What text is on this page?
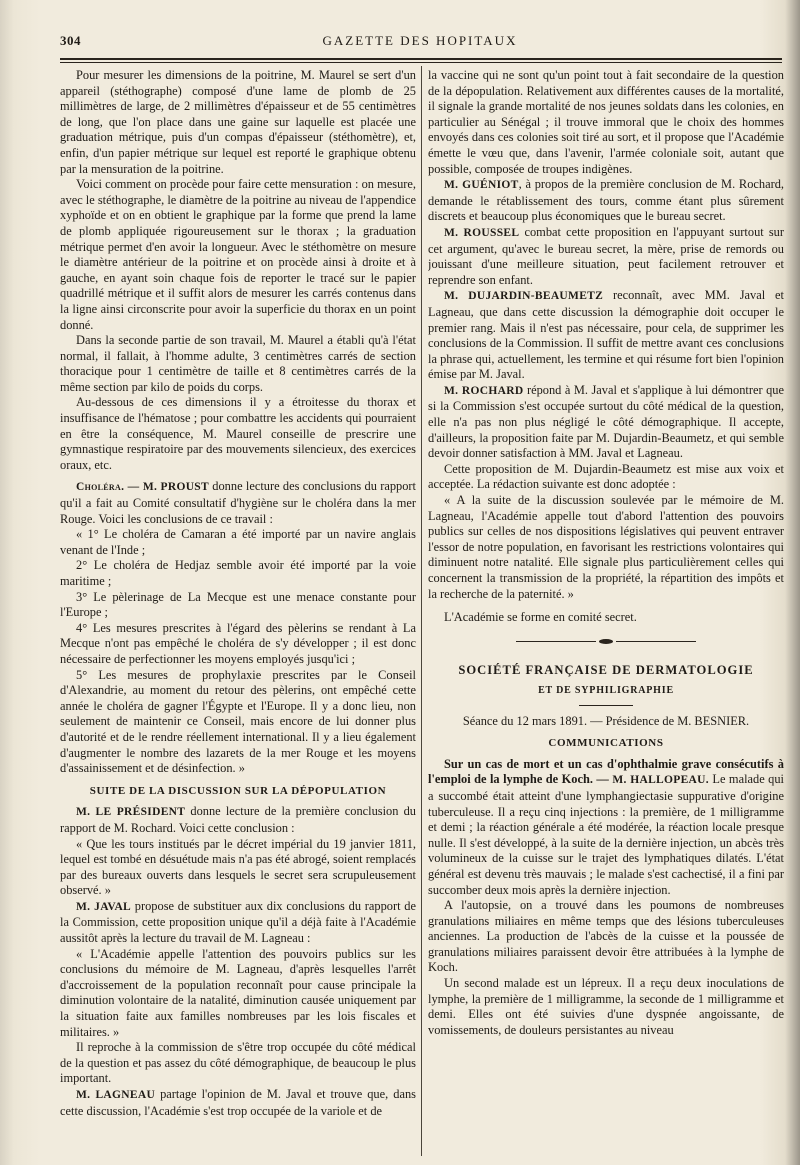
304	GAZETTE DES HOPITAUX

Pour mesurer les dimensions de la poitrine, M. Maurel se sert d'un appareil (stéthographe) composé d'une lame de plomb de 25 millimètres de large, de 2 millimètres d'épaisseur et de 55 centimètres de long, que l'on place dans une gaine sur laquelle est placée une graduation métrique, puis d'un compas d'épaisseur (stéthomètre), et, enfin, d'un papier métrique sur lequel est reporté le graphique obtenu par la mensuration de la poitrine.

Voici comment on procède pour faire cette mensuration : on mesure, avec le stéthographe, le diamètre de la poitrine au niveau de l'appendice xyphoïde et on en obtient le graphique par la forme que prend la lame de plomb appliquée rigoureusement sur le thorax ; la graduation métrique permet d'en avoir la longueur. Avec le stéthomètre on mesure le diamètre antérieur de la poitrine et on procède ainsi à droite et à gauche, en ayant soin chaque fois de reporter le tracé sur le papier quadrillé métrique et il suffit alors de mesurer les carrés contenus dans la ligne ainsi circonscrite pour avoir la superficie du thorax en un point donné.

Dans la seconde partie de son travail, M. Maurel a établi qu'à l'état normal, il fallait, à l'homme adulte, 3 centimètres carrés de section thoracique pour 1 centimètre de taille et 8 centimètres carrés de la même section par kilo de poids du corps.

Au-dessous de ces dimensions il y a étroitesse du thorax et insuffisance de l'hématose ; pour combattre les accidents qui pourraient en être la conséquence, M. Maurel conseille de prescrire une gymnastique respiratoire par des mouvements silencieux, des exercices oraux, etc.

Choléra. — M. PROUST donne lecture des conclusions du rapport qu'il a fait au Comité consultatif d'hygiène sur le choléra dans la mer Rouge. Voici les conclusions de ce travail :

« 1° Le choléra de Camaran a été importé par un navire anglais venant de l'Inde ;

2° Le choléra de Hedjaz semble avoir été importé par la voie maritime ;

3° Le pèlerinage de La Mecque est une menace constante pour l'Europe ;

4° Les mesures prescrites à l'égard des pèlerins se rendant à La Mecque n'ont pas empêché le choléra de s'y développer ; il est donc nécessaire de perfectionner les moyens employés jusqu'ici ;

5° Les mesures de prophylaxie prescrites par le Conseil d'Alexandrie, au moment du retour des pèlerins, ont empêché cette année le choléra de gagner l'Égypte et l'Europe. Il y a donc lieu, non seulement de maintenir ce Conseil, mais encore de lui donner plus d'autorité et de le rendre réellement international. Il y a lieu également d'augmenter le nombre des lazarets de la mer Rouge et les moyens d'assainissement et de désinfection. »

SUITE DE LA DISCUSSION SUR LA DÉPOPULATION

M. LE PRÉSIDENT donne lecture de la première conclusion du rapport de M. Rochard. Voici cette conclusion :

« Que les tours institués par le décret impérial du 19 janvier 1811, lequel est tombé en désuétude mais n'a pas été abrogé, soient remplacés par des bureaux ouverts dans lesquels le secret sera scrupuleusement observé. »

M. JAVAL propose de substituer aux dix conclusions du rapport de la Commission, cette proposition unique qu'il a déjà faite à l'Académie aussitôt après la lecture du travail de M. Lagneau :

« L'Académie appelle l'attention des pouvoirs publics sur les conclusions du mémoire de M. Lagneau, d'après lesquelles l'arrêt d'accroissement de la population reconnaît pour cause principale la diminution volontaire de la natalité, diminution causée uniquement par la situation faite aux familles nombreuses par les lois fiscales et militaires. »

Il reproche à la commission de s'être trop occupée du côté médical de la question et pas assez du côté démographique, de beaucoup le plus important.

M. LAGNEAU partage l'opinion de M. Javal et trouve que, dans cette discussion, l'Académie s'est trop occupée de la variole et de

la vaccine qui ne sont qu'un point tout à fait secondaire de la question de la dépopulation. Relativement aux différentes causes de la mortalité, il signale la grande mortalité de nos jeunes soldats dans les colonies, en particulier au Sénégal ; il trouve immoral que le choix des hommes envoyés dans ces colonies soit tiré au sort, et il propose que l'Académie émette le vœu que, dans l'avenir, l'armée coloniale soit, autant que possible, composée de troupes indigènes.

M. GUÉNIOT, à propos de la première conclusion de M. Rochard, demande le rétablissement des tours, comme étant plus sûrement discrets et beaucoup plus économiques que le bureau secret.

M. ROUSSEL combat cette proposition en l'appuyant surtout sur cet argument, qu'avec le bureau secret, la mère, prise de remords ou jouissant d'une meilleure situation, peut facilement retrouver et reprendre son enfant.

M. DUJARDIN-BEAUMETZ reconnaît, avec MM. Javal et Lagneau, que dans cette discussion la démographie doit occuper le premier rang. Mais il n'est pas nécessaire, pour cela, de supprimer les conclusions de la Commission. Il suffit de mettre avant ces conclusions la phrase qui, actuellement, les termine et qui résume fort bien l'opinion émise par M. Javal.

M. ROCHARD répond à M. Javal et s'applique à lui démontrer que si la Commission s'est occupée surtout du côté médical de la question, elle n'a pas non plus négligé le côté démographique. Il accepte, d'ailleurs, la proposition faite par M. Dujardin-Beaumetz, et qui semble devoir donner satisfaction à MM. Javal et Lagneau.

Cette proposition de M. Dujardin-Beaumetz est mise aux voix et acceptée. La rédaction suivante est donc adoptée :

« A la suite de la discussion soulevée par le mémoire de M. Lagneau, l'Académie appelle tout d'abord l'attention des pouvoirs publics sur celles de nos dispositions législatives qui peuvent entraver l'essor de notre population, en favorisant les restrictions volontaires qui diminuent notre natalité. Elle signale plus particulièrement celles qui concernent la transmission de la propriété, la répartition des impôts et la recherche de la paternité. »

L'Académie se forme en comité secret.

SOCIÉTÉ FRANÇAISE DE DERMATOLOGIE
ET DE SYPHILIGRAPHIE

Séance du 12 mars 1891. — Présidence de M. BESNIER.

COMMUNICATIONS

Sur un cas de mort et un cas d'ophthalmie grave consécutifs à l'emploi de la lymphe de Koch. — M. HALLOPEAU. Le malade qui a succombé était atteint d'une lymphangiectasie suppurative d'origine tuberculeuse. Il a reçu cinq injections : la première, de 1 milligramme et demi ; la réaction générale a été modérée, la réaction locale presque nulle. Il s'est développé, à la suite de la dernière injection, un abcès très volumineux de la cuisse sur le trajet des lymphatiques dilatés. L'état général est devenu très mauvais ; le malade s'est cachectisé, il a fini par succomber deux mois après la dernière injection.

A l'autopsie, on a trouvé dans les poumons de nombreuses granulations miliaires en même temps que des lésions tuberculeuses anciennes. La production de l'abcès de la cuisse et la poussée de granulations miliaires paraissent devoir être attribuées à la lymphe de Koch.

Un second malade est un lépreux. Il a reçu deux inoculations de lymphe, la première de 1 milligramme, la seconde de 1 milligramme et demi. Elles ont été suivies d'une dyspnée angoissante, de vomissements, de douleurs persistantes au niveau
